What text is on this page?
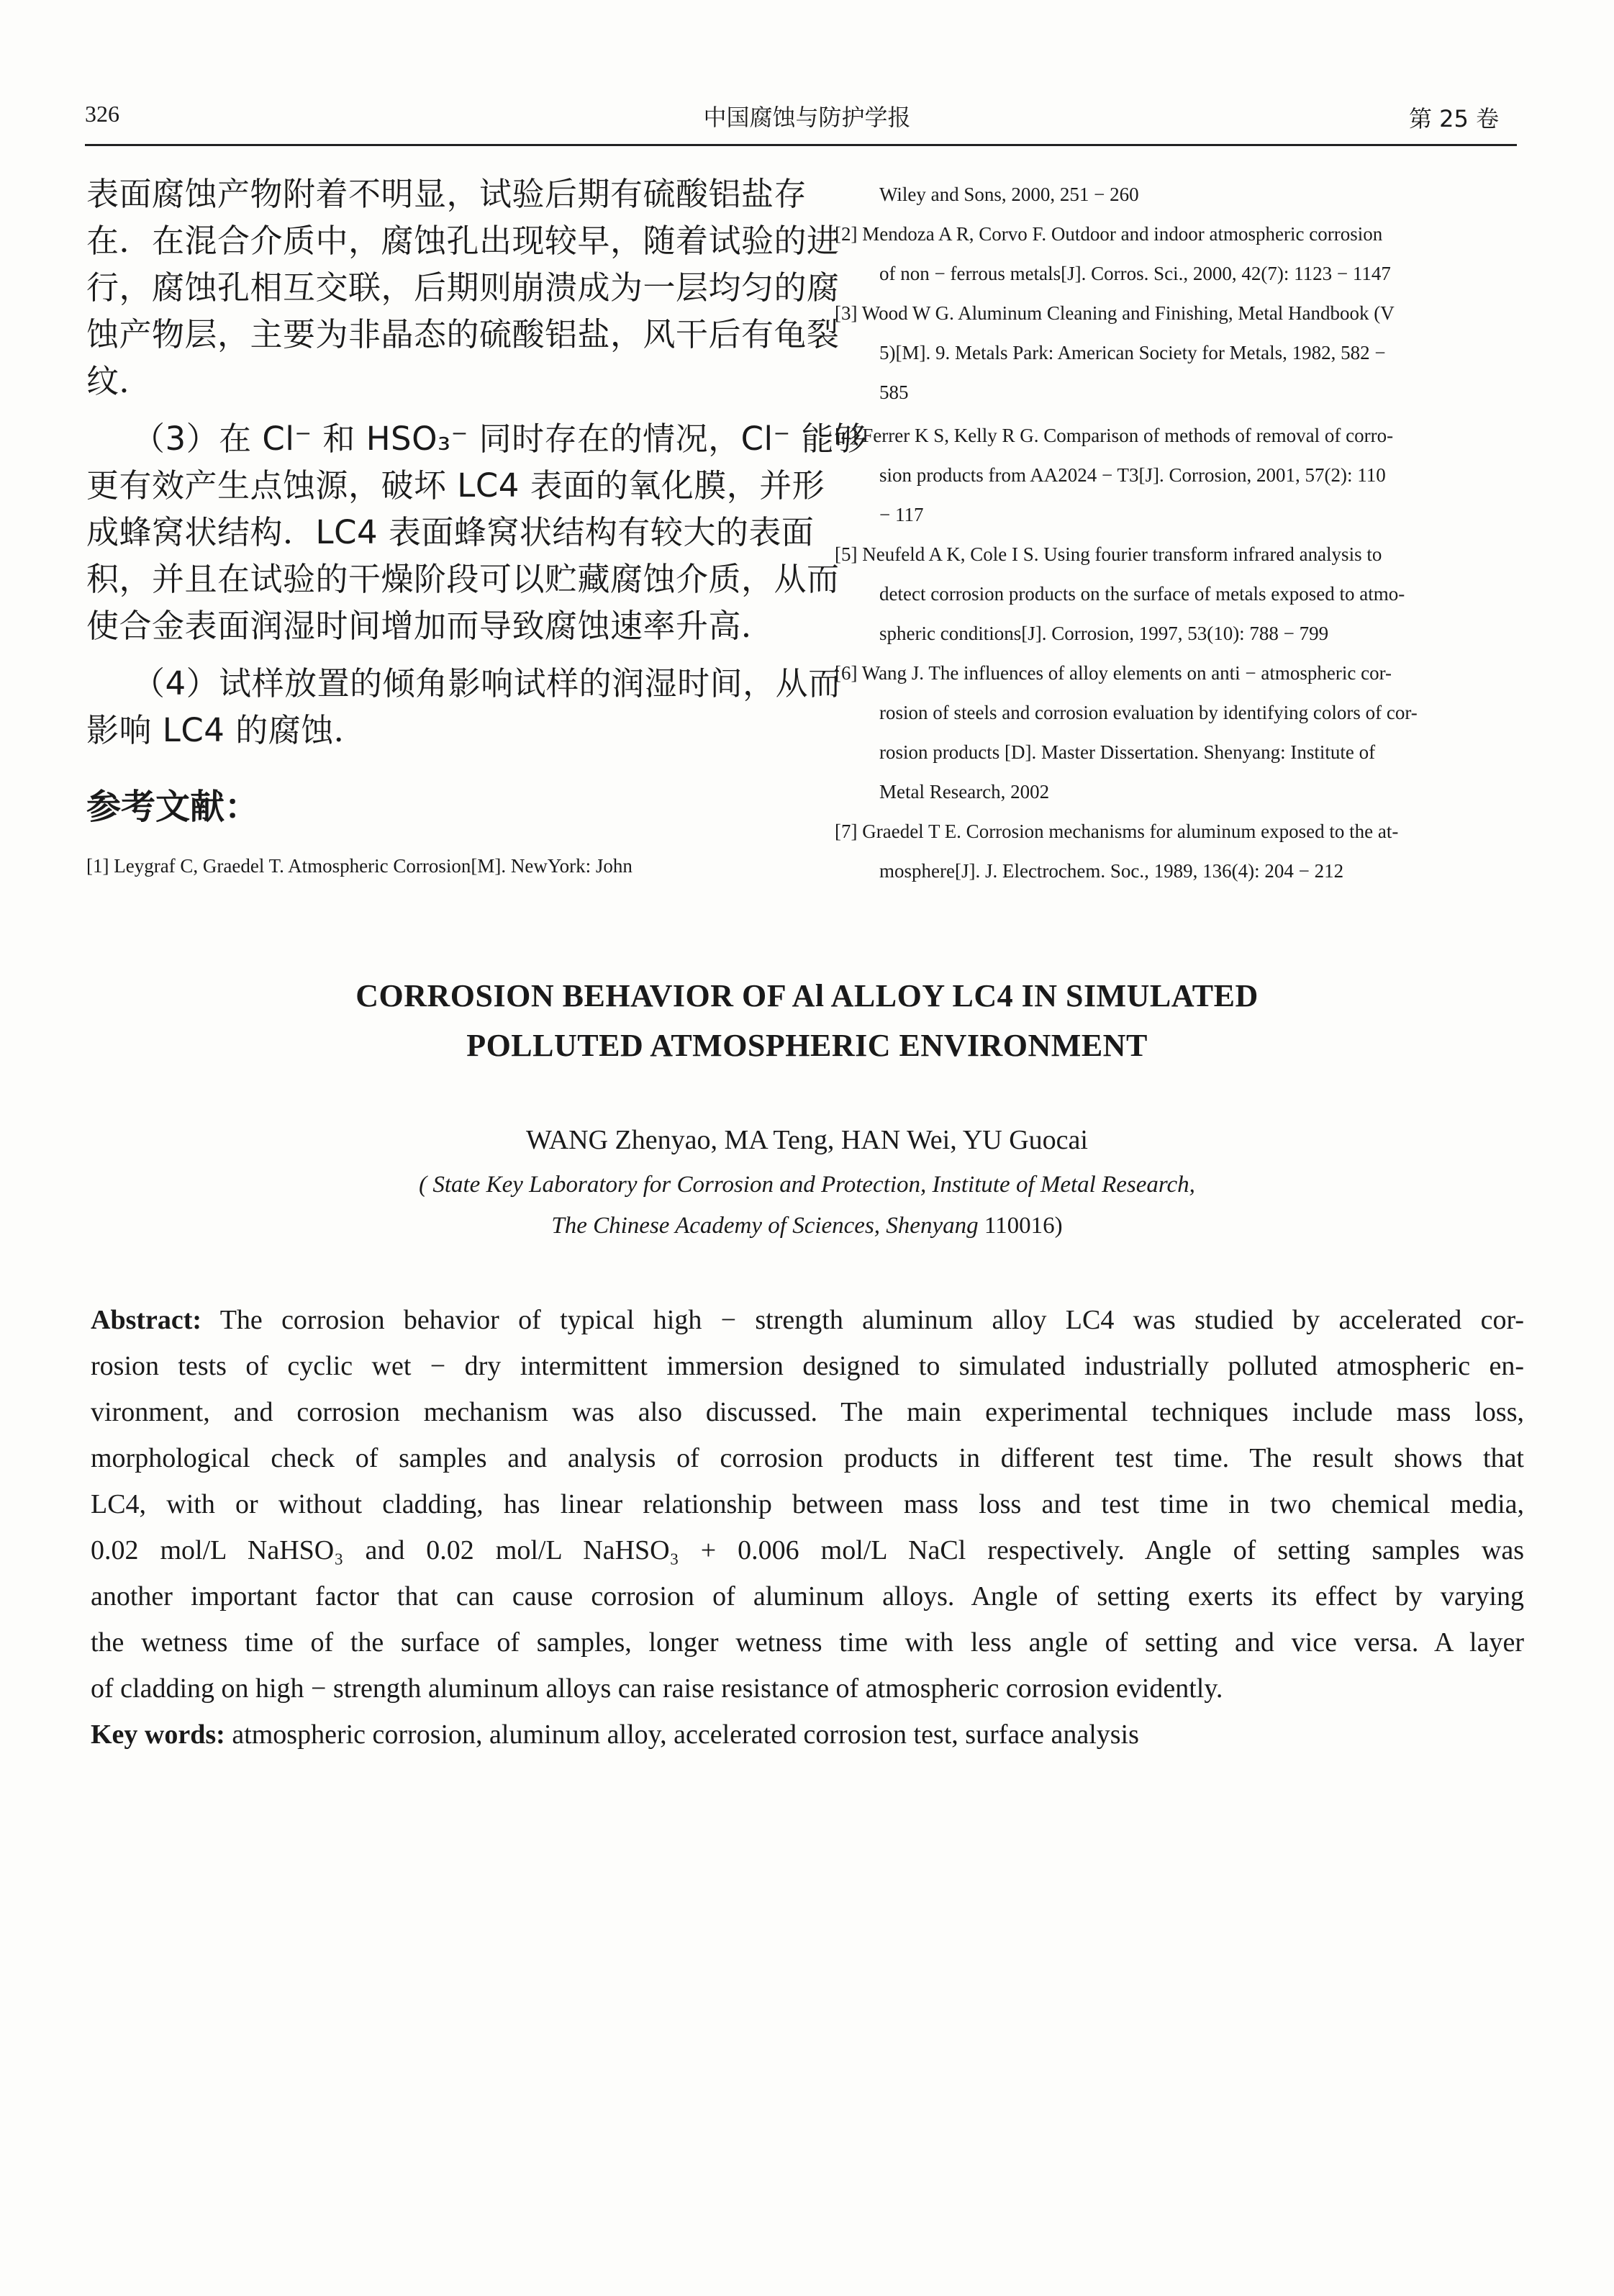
326	中国腐蚀与防护学报	第 25 卷
表面腐蚀产物附着不明显，试验后期有硫酸铝盐存
在．在混合介质中，腐蚀孔出现较早，随着试验的进
行，腐蚀孔相互交联，后期则崩溃成为一层均匀的腐
蚀产物层，主要为非晶态的硫酸铝盐，风干后有龟裂
纹．
（3）在 Cl⁻ 和 HSO₃⁻ 同时存在的情况，Cl⁻ 能够
更有效产生点蚀源，破坏 LC4 表面的氧化膜，并形
成蜂窝状结构．LC4 表面蜂窝状结构有较大的表面
积，并且在试验的干燥阶段可以贮藏腐蚀介质，从而
使合金表面润湿时间增加而导致腐蚀速率升高．
（4）试样放置的倾角影响试样的润湿时间，从而
影响 LC4 的腐蚀．
参考文献：
[1] Leygraf C, Graedel T. Atmospheric Corrosion[M]. NewYork: John
Wiley and Sons, 2000, 251 − 260
[2] Mendoza A R, Corvo F. Outdoor and indoor atmospheric corrosion
of non − ferrous metals[J]. Corros. Sci., 2000, 42(7): 1123 − 1147
[3] Wood W G. Aluminum Cleaning and Finishing, Metal Handbook (V
5)[M]. 9. Metals Park: American Society for Metals, 1982, 582 −
585
[4] Ferrer K S, Kelly R G. Comparison of methods of removal of corro-
sion products from AA2024 − T3[J]. Corrosion, 2001, 57(2): 110
− 117
[5] Neufeld A K, Cole I S. Using fourier transform infrared analysis to
detect corrosion products on the surface of metals exposed to atmo-
spheric conditions[J]. Corrosion, 1997, 53(10): 788 − 799
[6] Wang J. The influences of alloy elements on anti − atmospheric cor-
rosion of steels and corrosion evaluation by identifying colors of cor-
rosion products [D]. Master Dissertation. Shenyang: Institute of
Metal Research, 2002
[7] Graedel T E. Corrosion mechanisms for aluminum exposed to the at-
mosphere[J]. J. Electrochem. Soc., 1989, 136(4): 204 − 212
CORROSION BEHAVIOR OF Al ALLOY LC4 IN SIMULATED
POLLUTED ATMOSPHERIC ENVIRONMENT
WANG Zhenyao, MA Teng, HAN Wei, YU Guocai
( State Key Laboratory for Corrosion and Protection, Institute of Metal Research,
The Chinese Academy of Sciences, Shenyang 110016)
Abstract: The corrosion behavior of typical high − strength aluminum alloy LC4 was studied by accelerated cor-
rosion tests of cyclic wet − dry intermittent immersion designed to simulated industrially polluted atmospheric en-
vironment, and corrosion mechanism was also discussed. The main experimental techniques include mass loss,
morphological check of samples and analysis of corrosion products in different test time. The result shows that
LC4, with or without cladding, has linear relationship between mass loss and test time in two chemical media,
0.02 mol/L NaHSO₃ and 0.02 mol/L NaHSO₃ + 0.006 mol/L NaCl respectively. Angle of setting samples was
another important factor that can cause corrosion of aluminum alloys. Angle of setting exerts its effect by varying
the wetness time of the surface of samples, longer wetness time with less angle of setting and vice versa. A layer
of cladding on high − strength aluminum alloys can raise resistance of atmospheric corrosion evidently.
Key words: atmospheric corrosion, aluminum alloy, accelerated corrosion test, surface analysis
